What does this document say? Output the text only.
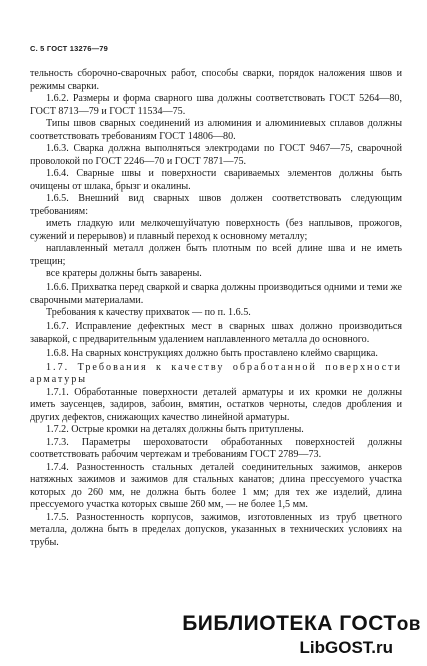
С. 5 ГОСТ 13276—79

тельность сборочно-сварочных работ, способы сварки, порядок наложения швов и режимы сварки.

1.6.2. Размеры и форма сварного шва должны соответствовать ГОСТ 5264—80, ГОСТ 8713—79 и ГОСТ 11534—75.

Типы швов сварных соединений из алюминия и алюминиевых сплавов должны соответствовать требованиям ГОСТ 14806—80.

1.6.3. Сварка должна выполняться электродами по ГОСТ 9467—75, сварочной проволокой по ГОСТ 2246—70 и ГОСТ 7871—75.

1.6.4. Сварные швы и поверхности свариваемых элементов должны быть очищены от шлака, брызг и окалины.

1.6.5. Внешний вид сварных швов должен соответствовать следующим требованиям:

иметь гладкую или мелкочешуйчатую поверхность (без наплывов, прожогов, сужений и перерывов) и плавный переход к основному металлу;

наплавленный металл должен быть плотным по всей длине шва и не иметь трещин;

все кратеры должны быть заварены.

1.6.6. Прихватка перед сваркой и сварка должны производиться одними и теми же сварочными материалами.

Требования к качеству прихваток — по п. 1.6.5.

1.6.7. Исправление дефектных мест в сварных швах должно производиться заваркой, с предварительным удалением наплавленного металла до основного.

1.6.8. На сварных конструкциях должно быть проставлено клеймо сварщика.

1.7. Требования к качеству обработанной поверхности арматуры

1.7.1. Обработанные поверхности деталей арматуры и их кромки не должны иметь заусенцев, задиров, забоин, вмятин, остатков черноты, следов дробления и других дефектов, снижающих качество линейной арматуры.

1.7.2. Острые кромки на деталях должны быть притуплены.

1.7.3. Параметры шероховатости обработанных поверхностей должны соответствовать рабочим чертежам и требованиям ГОСТ 2789—73.

1.7.4. Разностенность стальных деталей соединительных зажимов, анкеров натяжных зажимов и зажимов для стальных канатов; длина прессуемого участка которых до 260 мм, не должна быть более 1 мм; для тех же изделий, длина прессуемого участка которых свыше 260 мм, — не более 1,5 мм.

1.7.5. Разностенность корпусов, зажимов, изготовленных из труб цветного металла, должна быть в пределах допусков, указанных в технических условиях на трубы.

БИБЛИОТЕКА ГОСТов
LibGOST.ru
